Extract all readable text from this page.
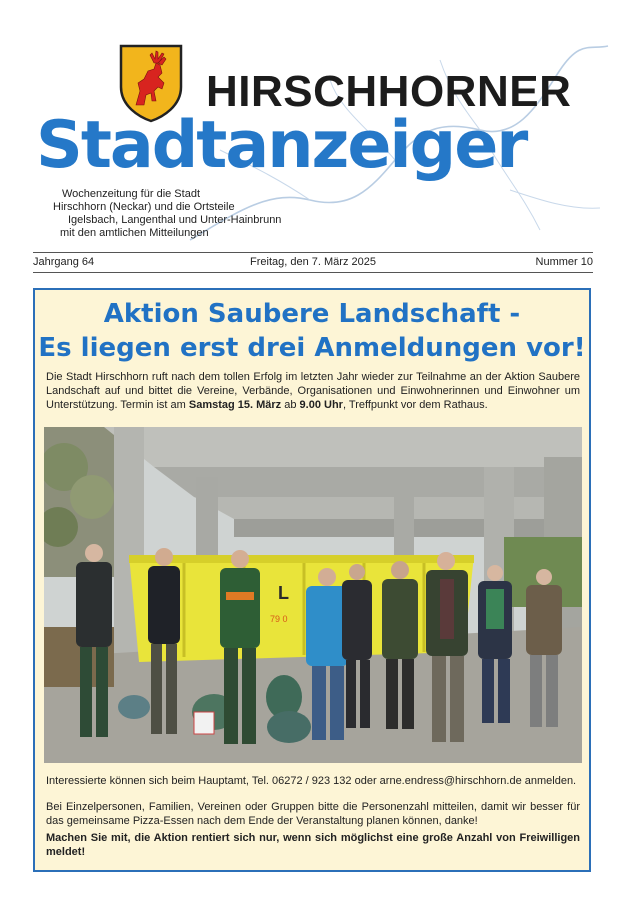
HIRSCHHORNER
Stadtanzeiger
Wochenzeitung für die Stadt
Hirschhorn (Neckar) und die Ortsteile
Igelsbach, Langenthal und Unter-Hainbrunn
mit den amtlichen Mitteilungen
Jahrgang 64	Freitag, den 7. März 2025	Nummer 10
Aktion Saubere Landschaft -
Es liegen erst drei Anmeldungen vor!
Die Stadt Hirschhorn ruft nach dem tollen Erfolg im letzten Jahr wieder zur Teilnahme an der Aktion Saubere Landschaft auf und bittet die Vereine, Verbände, Organisationen und Einwohnerinnen und Einwohner um Unterstützung. Termin ist am Samstag 15. März ab 9.00 Uhr, Treffpunkt vor dem Rathaus.
L
79 0
Interessierte können sich beim Hauptamt, Tel. 06272 / 923 132 oder arne.endress@hirschhorn.de anmelden.
Bei Einzelpersonen, Familien, Vereinen oder Gruppen bitte die Personenzahl mitteilen, damit wir besser für das gemeinsame Pizza-Essen nach dem Ende der Veranstaltung planen können, danke!
Machen Sie mit, die Aktion rentiert sich nur, wenn sich möglichst eine große Anzahl von Freiwilligen meldet!
